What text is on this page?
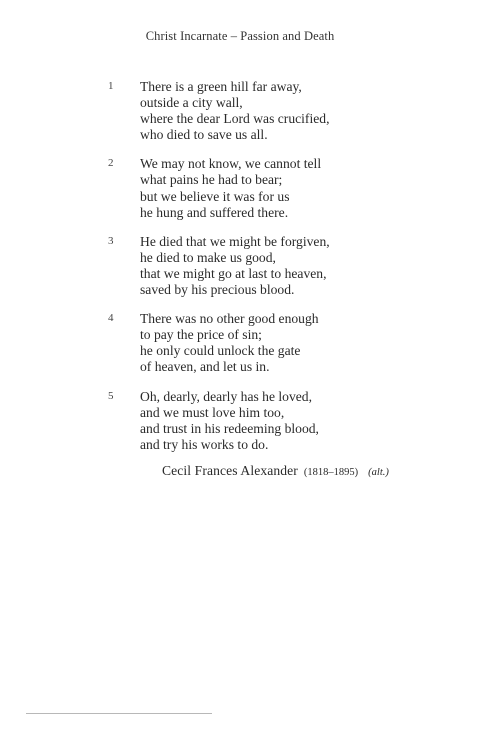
Christ Incarnate – Passion and Death
1 There is a green hill far away,
outside a city wall,
where the dear Lord was crucified,
who died to save us all.
2 We may not know, we cannot tell
what pains he had to bear;
but we believe it was for us
he hung and suffered there.
3 He died that we might be forgiven,
he died to make us good,
that we might go at last to heaven,
saved by his precious blood.
4 There was no other good enough
to pay the price of sin;
he only could unlock the gate
of heaven, and let us in.
5 Oh, dearly, dearly has he loved,
and we must love him too,
and trust in his redeeming blood,
and try his works to do.
Cecil Frances Alexander (1818–1895) (alt.)
